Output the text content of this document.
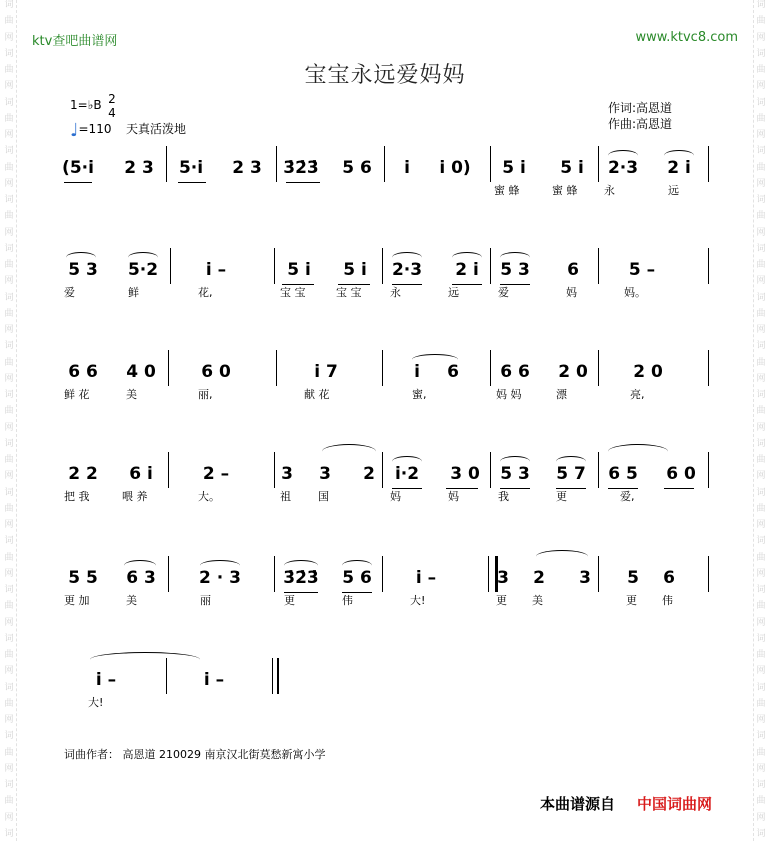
词
曲
网
词
曲
网
词
曲
网
词
曲
网
词
曲
网
词
曲
网
词
曲
网
词
曲
网
词
曲
网
词
曲
网
词
曲
网
词
曲
网
词
曲
网
词
曲
网
词
曲
网
词
曲
网
词
曲
网
词
词
曲
网
词
曲
网
词
曲
网
词
曲
网
词
曲
网
词
曲
网
词
曲
网
词
曲
网
词
曲
网
词
曲
网
词
曲
网
词
曲
网
词
曲
网
词
曲
网
词
曲
网
词
曲
网
词
曲
网
词
ktv查吧曲谱网	www.ktvc8.com
宝宝永远爱妈妈
1=♭B 2
4
♩=110 天真活泼地
作词:高恩道
作曲:高恩道
(5·i 2 3	5·i	2 3 3̇2̇3̇ 5 6 i	i 0)	5 i	5 i	2·3	2 i
蜜 蜂	蜜 蜂	永	远
5 3 5·2	i –	5 i	5 i	2·3	2 i	5 3 6	5 –
爱	鲜	花,	宝 宝	宝 宝	永	远	爱	妈	妈。
6 6 4 0	6 0	i 7	i 6 6 6 2 0	2 0
鲜 花	美	丽,	献 花	蜜,	妈 妈	漂	亮,
2 2	6 i	2 –	3 3 2	i·2	3 0 5 3 5 7 6 5 6 0
把 我	喂 养	大。	祖	国	妈	妈	我	更	爱,
5 5 6 3	2 · 3 3̇2̇3̇ 5 6	i –	3 2 3 5 6
更 加	美	丽	更	伟	大!	更	美	更	伟
i –	i –
大!
词曲作者： 高恩道 210029 南京汉北街莫愁新寓小学
本曲谱源自 中国词曲网
